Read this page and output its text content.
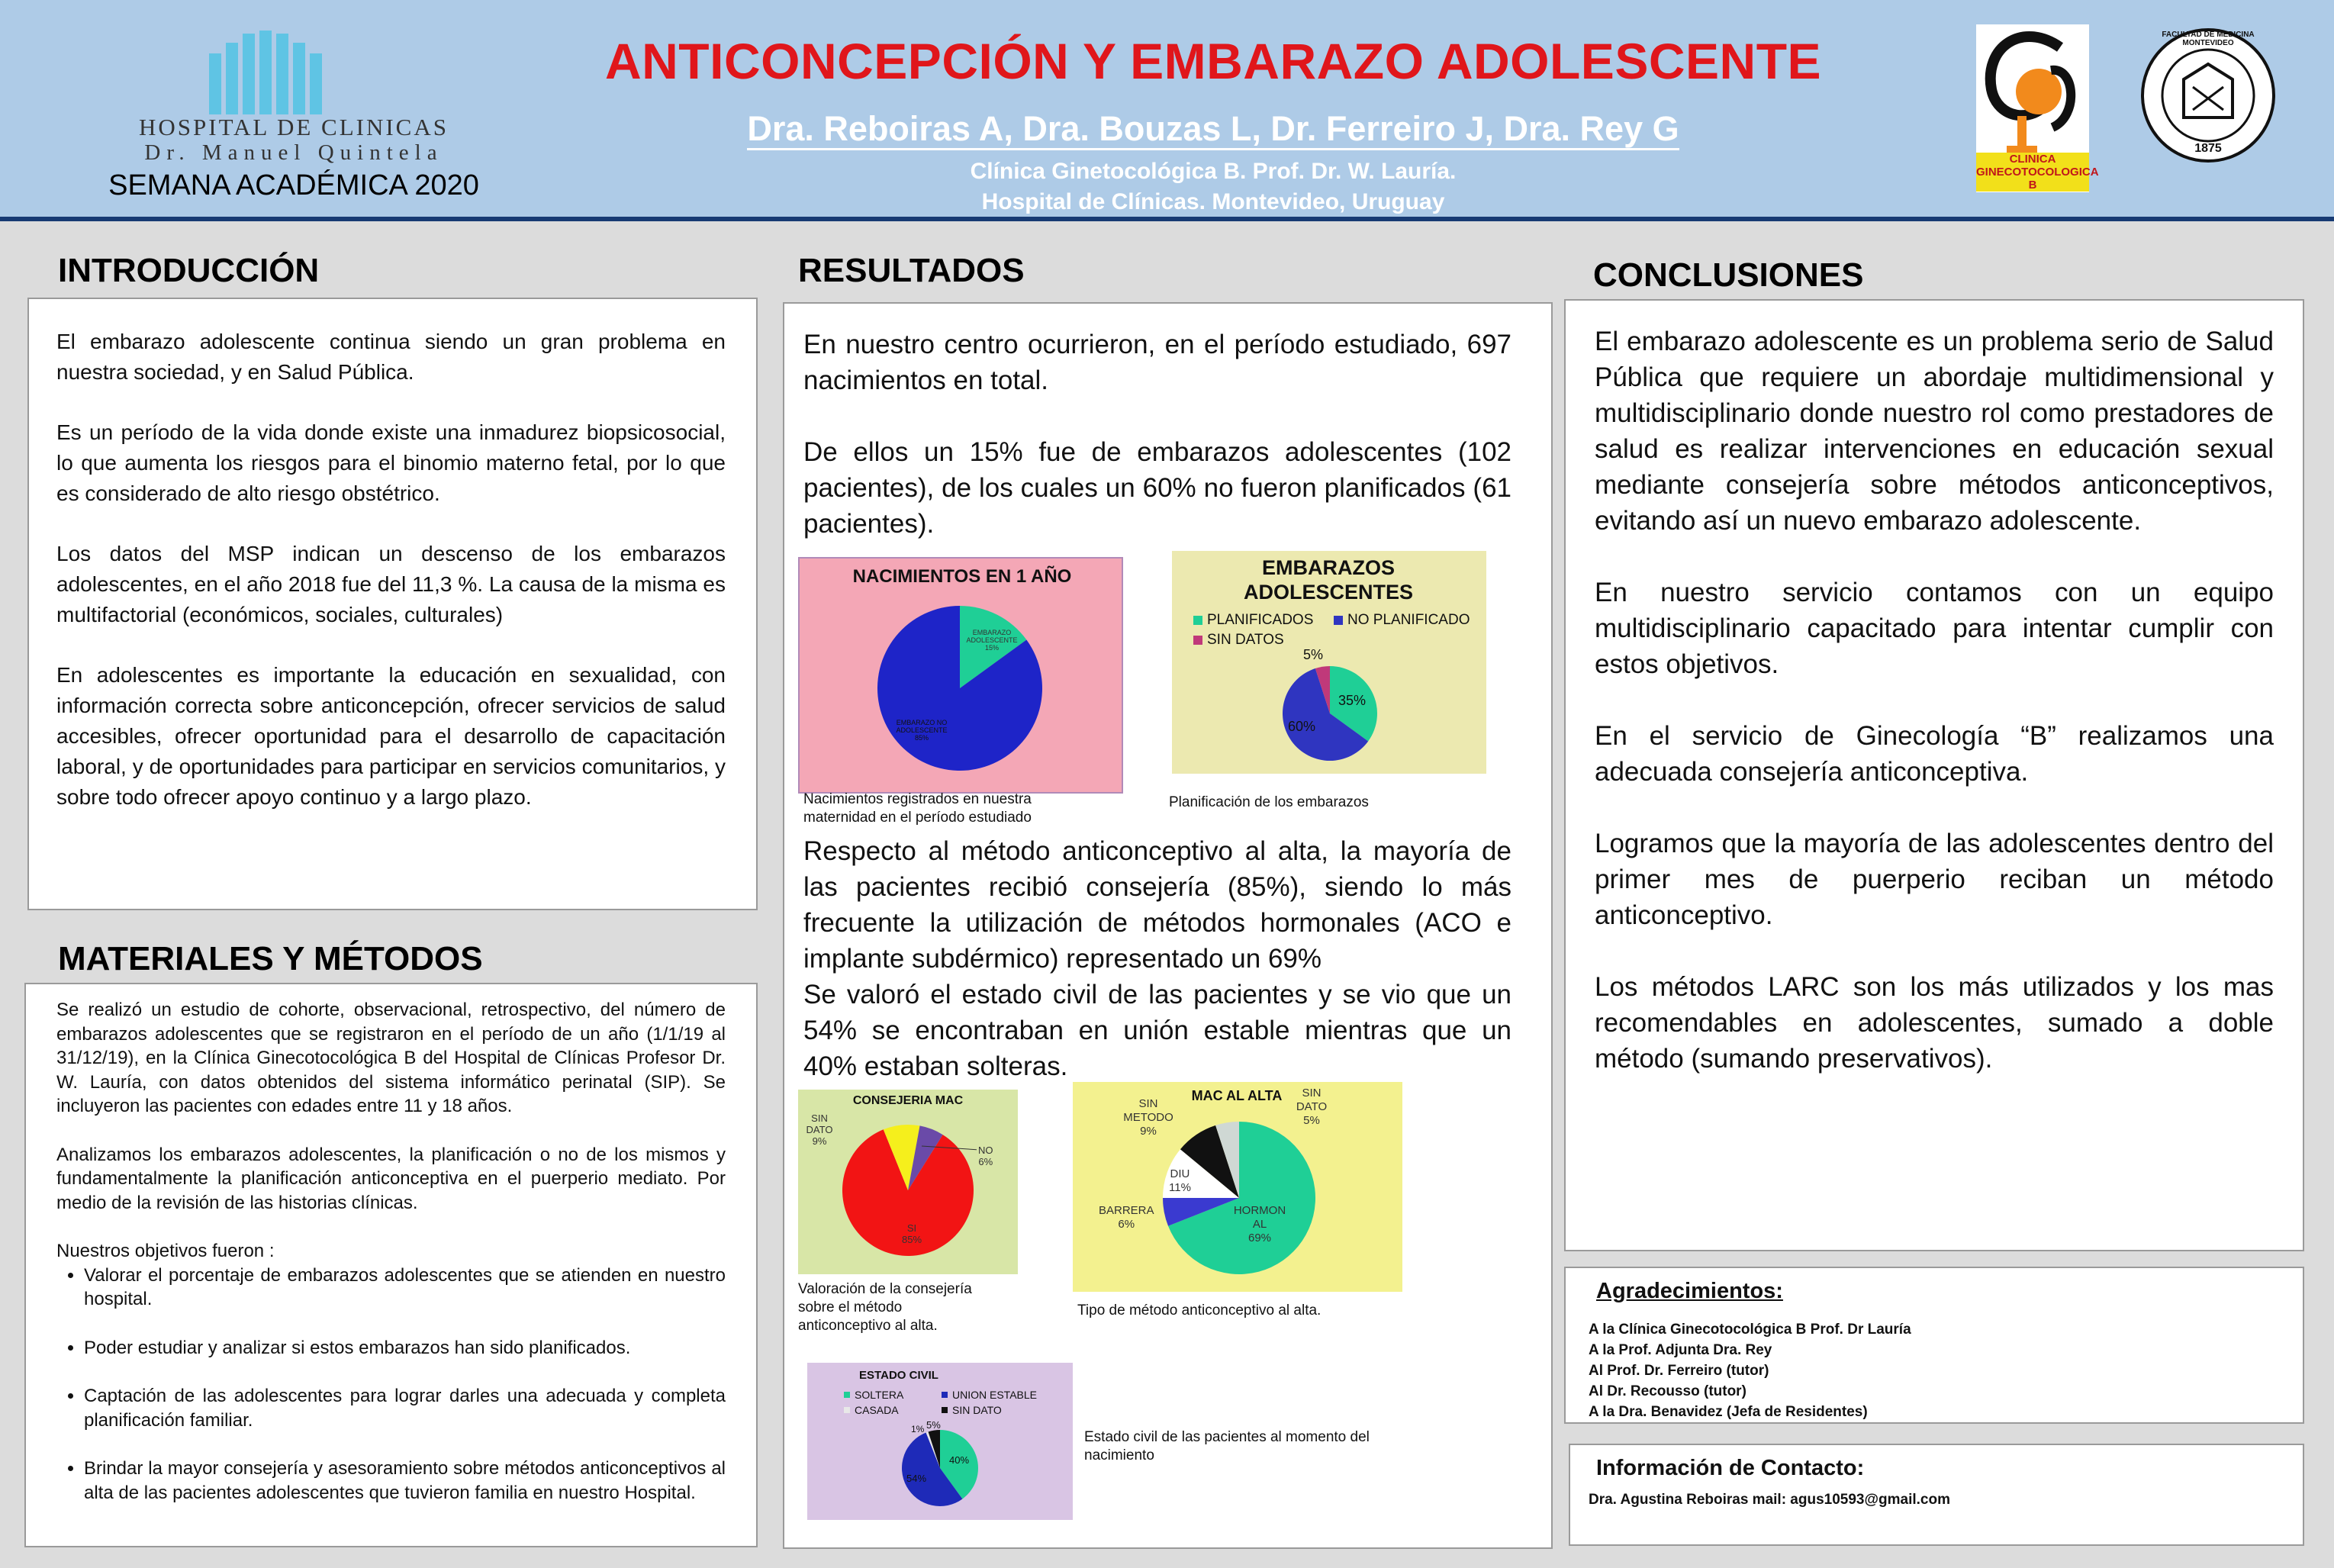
HOSPITAL DE CLINICAS
Dr. Manuel Quintela
SEMANA ACADÉMICA 2020
ANTICONCEPCIÓN Y EMBARAZO ADOLESCENTE
Dra. Reboiras A, Dra. Bouzas L, Dr. Ferreiro J, Dra. Rey G
Clínica Ginetocológica B. Prof. Dr. W. Lauría.
Hospital de Clínicas. Montevideo, Uruguay
CLINICA GINECOTOCOLOGICA B
FACULTAD DE MEDICINA MONTEVIDEO
1875
INTRODUCCIÓN

El embarazo adolescente continua siendo un gran problema en nuestra sociedad, y en Salud Pública.

Es un período de la vida donde existe una inmadurez biopsicosocial, lo que aumenta los riesgos para el binomio materno fetal, por lo que es considerado de alto riesgo obstétrico.

Los datos del MSP indican un descenso de los embarazos adolescentes, en el año 2018 fue del 11,3 %. La causa de la misma es multifactorial (económicos, sociales, culturales)

En adolescentes es importante la educación en sexualidad, con información correcta sobre anticoncepción, ofrecer servicios de salud accesibles, ofrecer oportunidad para el desarrollo de capacitación laboral, y de oportunidades para participar en servicios comunitarios, y sobre todo ofrecer apoyo continuo y a largo plazo.

MATERIALES Y MÉTODOS

Se realizó un estudio de cohorte, observacional, retrospectivo, del número de embarazos adolescentes que se registraron en el período de un año (1/1/19 al 31/12/19), en la Clínica Ginecotocológica B del Hospital de Clínicas Profesor Dr. W. Lauría, con datos obtenidos del sistema informático perinatal (SIP). Se incluyeron las pacientes con edades entre 11 y 18 años.

Analizamos los embarazos adolescentes, la planificación o no de los mismos y fundamentalmente la planificación anticonceptiva en el puerperio mediato. Por medio de la revisión de las historias clínicas.

Nuestros objetivos fueron :

• Valorar el porcentaje de embarazos adolescentes que se atienden en nuestro hospital.
• Poder estudiar y analizar si estos embarazos han sido planificados.
• Captación de las adolescentes para lograr darles una adecuada y completa planificación familiar.
• Brindar la mayor consejería y asesoramiento sobre métodos anticonceptivos al alta de las pacientes adolescentes que tuvieron familia en nuestro Hospital.
RESULTADOS

En nuestro centro ocurrieron, en el período estudiado, 697 nacimientos en total.

De ellos un 15% fue de embarazos adolescentes (102 pacientes), de los cuales un 60% no fueron planificados (61 pacientes).

NACIMIENTOS EN 1 AÑO
EMBARAZO ADOLESCENTE
15%
EMBARAZO NO ADOLESCENTE
85%
Nacimientos registrados en nuestra maternidad en el período estudiado
EMBARAZOS ADOLESCENTES
PLANIFICADOS NO PLANIFICADO
SIN DATOS
35%
60%
5%
Planificación de los embarazos

Respecto al método anticonceptivo al alta, la mayoría de las pacientes recibió consejería (85%), siendo lo más frecuente la utilización de métodos hormonales (ACO e implante subdérmico) representado un 69%

Se valoró el estado civil de las pacientes y se vio que un 54% se encontraban en unión estable mientras que un 40% estaban solteras.

CONSEJERIA MAC
SI
85%
SIN DATO
9%
NO
6%
Valoración de la consejería sobre el método anticonceptivo al alta.
MAC AL ALTA
HORMON AL
69%
BARRERA
6%
DIU
11%
SIN METODO
9%
SIN DATO
5%
Tipo de método anticonceptivo al alta.
ESTADO CIVIL
SOLTERA	UNION ESTABLE
CASADA	SIN DATO
40%
54%
1% 5%
Estado civil de las pacientes al momento del nacimiento
CONCLUSIONES

El embarazo adolescente es un problema serio de Salud Pública que requiere un abordaje multidimensional y multidisciplinario donde nuestro rol como prestadores de salud es realizar intervenciones en educación sexual mediante consejería sobre métodos anticonceptivos, evitando así un nuevo embarazo adolescente.

En nuestro servicio contamos con un equipo multidisciplinario capacitado para intentar cumplir con estos objetivos.

En el servicio de Ginecología “B” realizamos una adecuada consejería anticonceptiva.

Logramos que la mayoría de las adolescentes dentro del primer mes de puerperio reciban un método anticonceptivo.

Los métodos LARC son los más utilizados y los mas recomendables en adolescentes, sumado a doble método (sumando preservativos).

Agradecimientos:
A la Clínica Ginecotocológica B Prof. Dr Lauría
A la Prof. Adjunta Dra. Rey
Al Prof. Dr. Ferreiro (tutor)
Al Dr. Recousso (tutor)
A la Dra. Benavidez (Jefa de Residentes)
Información de Contacto:
Dra. Agustina Reboiras mail: agus10593@gmail.com
